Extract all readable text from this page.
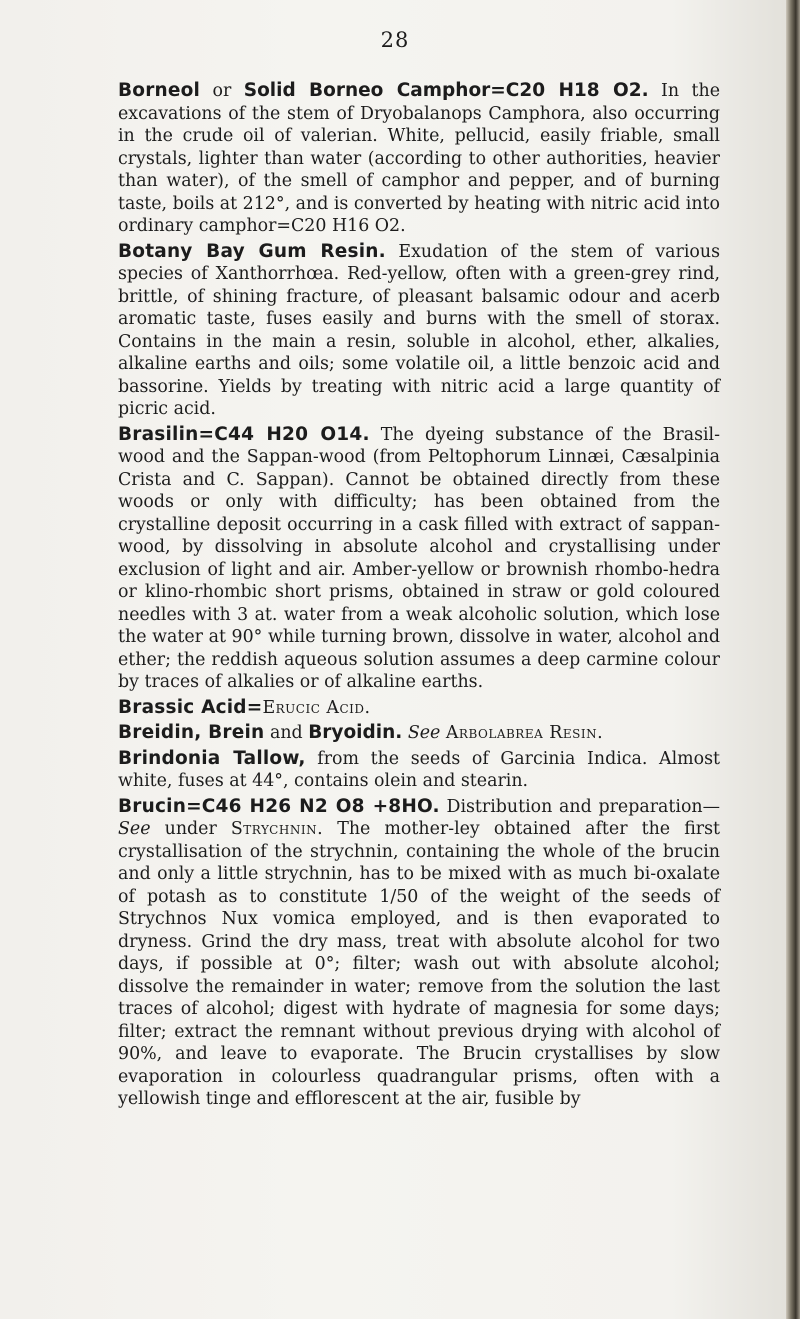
28

Borneol or Solid Borneo Camphor=C20 H18 O2. In the excavations of the stem of Dryobalanops Camphora, also occurring in the crude oil of valerian. White, pellucid, easily friable, small crystals, lighter than water (according to other authorities, heavier than water), of the smell of camphor and pepper, and of burning taste, boils at 212°, and is converted by heating with nitric acid into ordinary camphor=C20 H16 O2.

Botany Bay Gum Resin. Exudation of the stem of various species of Xanthorrhœa. Red-yellow, often with a green-grey rind, brittle, of shining fracture, of pleasant balsamic odour and acerb aromatic taste, fuses easily and burns with the smell of storax. Contains in the main a resin, soluble in alcohol, ether, alkalies, alkaline earths and oils; some volatile oil, a little benzoic acid and bassorine. Yields by treating with nitric acid a large quantity of picric acid.

Brasilin=C44 H20 O14. The dyeing substance of the Brasil-wood and the Sappan-wood (from Peltophorum Linnæi, Cæsalpinia Crista and C. Sappan). Cannot be obtained directly from these woods or only with difficulty; has been obtained from the crystalline deposit occurring in a cask filled with extract of sappan-wood, by dissolving in absolute alcohol and crystallising under exclusion of light and air. Amber-yellow or brownish rhombo-hedra or klino-rhombic short prisms, obtained in straw or gold coloured needles with 3 at. water from a weak alcoholic solution, which lose the water at 90° while turning brown, dissolve in water, alcohol and ether; the reddish aqueous solution assumes a deep carmine colour by traces of alkalies or of alkaline earths.

Brassic Acid=Erucic Acid.

Breidin, Brein and Bryoidin. See Arbolabrea Resin.

Brindonia Tallow, from the seeds of Garcinia Indica. Almost white, fuses at 44°, contains olein and stearin.

Brucin=C46 H26 N2 O8 +8HO. Distribution and preparation—See under Strychnin. The mother-ley obtained after the first crystallisation of the strychnin, containing the whole of the brucin and only a little strychnin, has to be mixed with as much bi-oxalate of potash as to constitute 1/50 of the weight of the seeds of Strychnos Nux vomica employed, and is then evaporated to dryness. Grind the dry mass, treat with absolute alcohol for two days, if possible at 0°; filter; wash out with absolute alcohol; dissolve the remainder in water; remove from the solution the last traces of alcohol; digest with hydrate of magnesia for some days; filter; extract the remnant without previous drying with alcohol of 90%, and leave to evaporate. The Brucin crystallises by slow evaporation in colourless quadrangular prisms, often with a yellowish tinge and efflorescent at the air, fusible by
